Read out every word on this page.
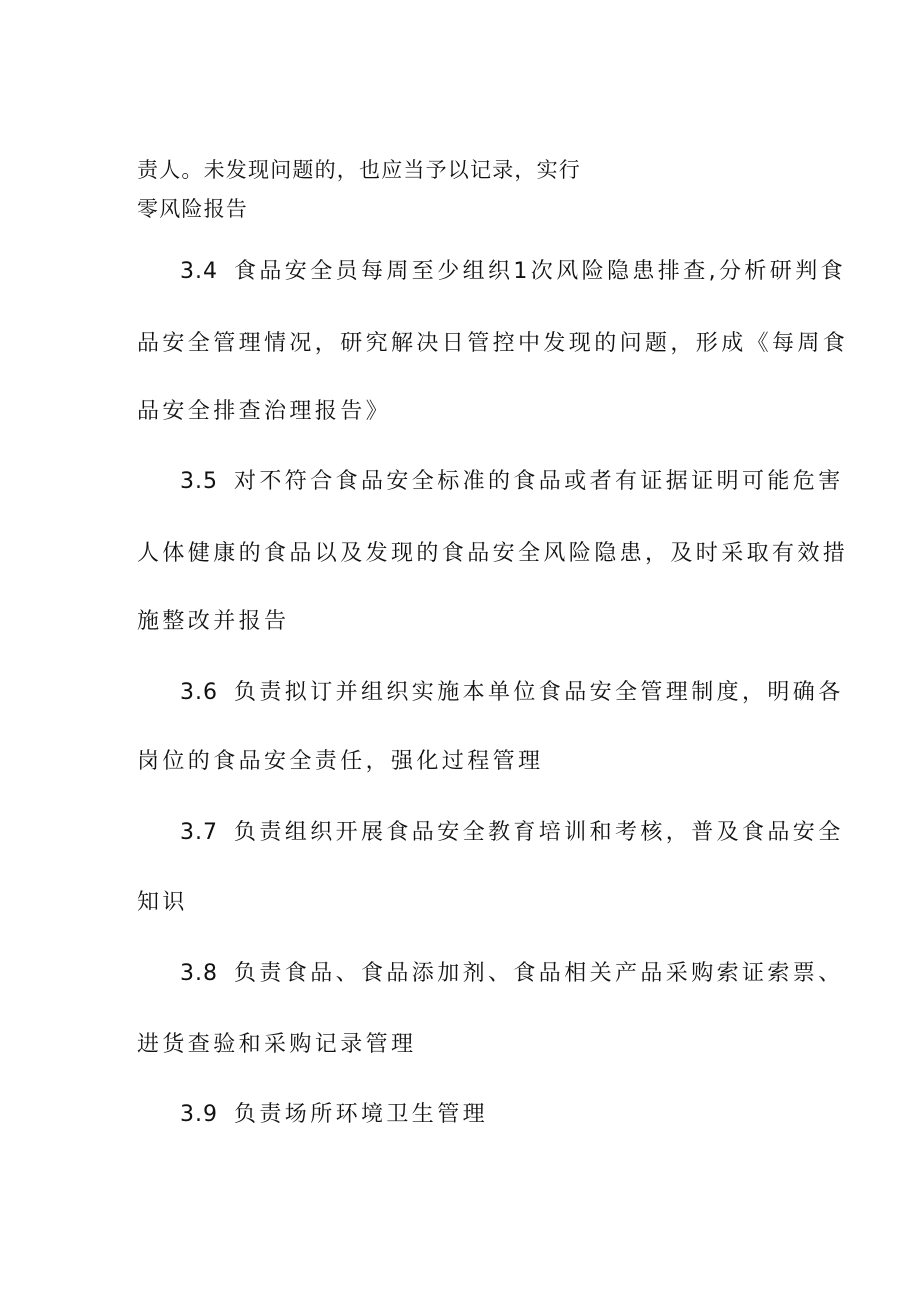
责人。未发现问题的，也应当予以记录，实行
零风险报告
3.4 食品安全员每周至少组织1次风险隐患排查,分析研判食
品安全管理情况，研究解决日管控中发现的问题，形成《每周食
品安全排查治理报告》
3.5 对不符合食品安全标准的食品或者有证据证明可能危害
人体健康的食品以及发现的食品安全风险隐患，及时采取有效措
施整改并报告
3.6 负责拟订并组织实施本单位食品安全管理制度，明确各
岗位的食品安全责任，强化过程管理
3.7 负责组织开展食品安全教育培训和考核，普及食品安全
知识
3.8 负责食品、食品添加剂、食品相关产品采购索证索票、
进货查验和采购记录管理
3.9 负责场所环境卫生管理
